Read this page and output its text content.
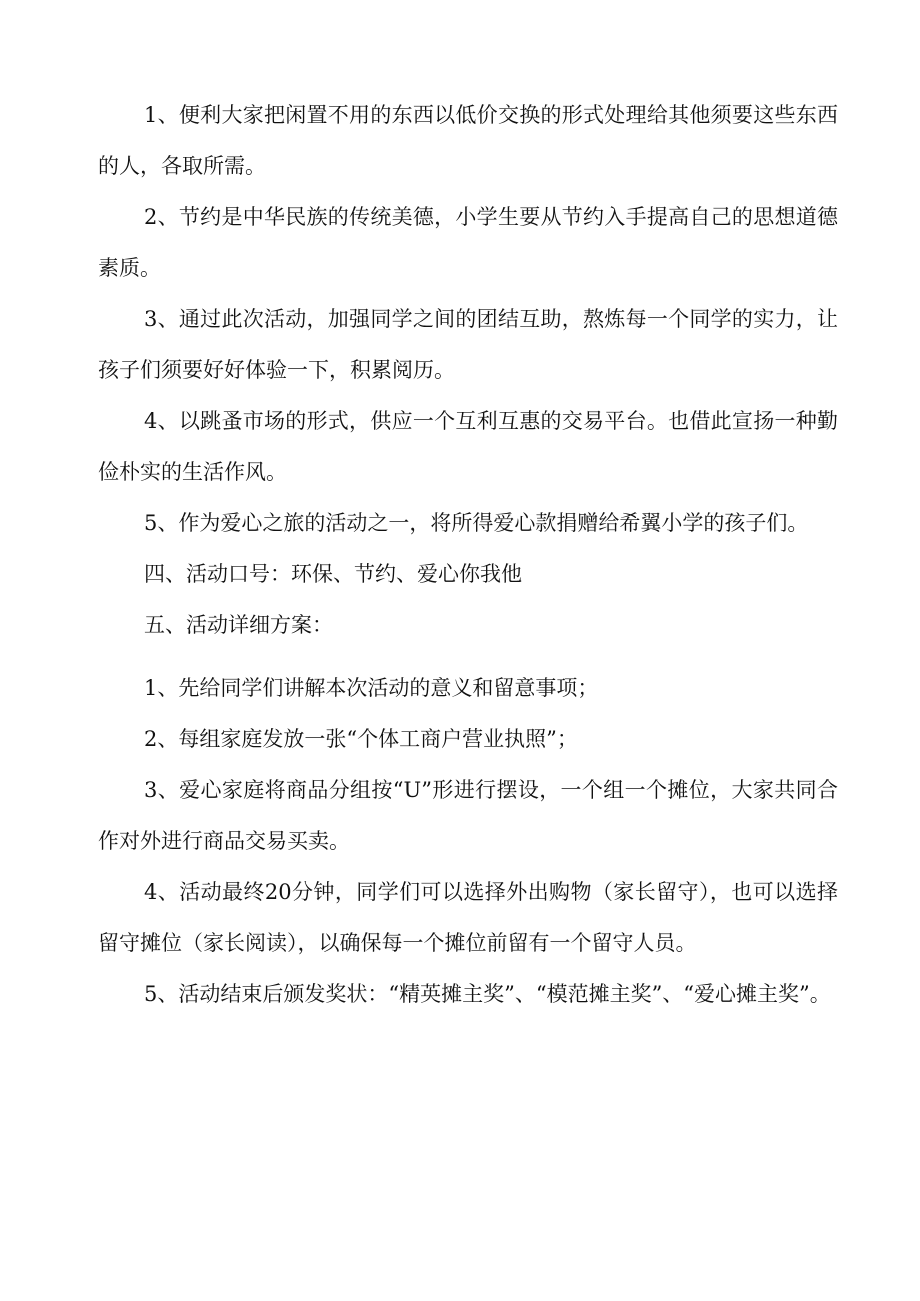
1、便利大家把闲置不用的东西以低价交换的形式处理给其他须要这些东西的人，各取所需。

2、节约是中华民族的传统美德，小学生要从节约入手提高自己的思想道德素质。

3、通过此次活动，加强同学之间的团结互助，熬炼每一个同学的实力，让孩子们须要好好体验一下，积累阅历。

4、以跳蚤市场的形式，供应一个互利互惠的交易平台。也借此宣扬一种勤俭朴实的生活作风。

5、作为爱心之旅的活动之一，将所得爱心款捐赠给希翼小学的孩子们。

四、活动口号：环保、节约、爱心你我他

五、活动详细方案：

1、先给同学们讲解本次活动的意义和留意事项；

2、每组家庭发放一张“个体工商户营业执照”；

3、爱心家庭将商品分组按“U”形进行摆设，一个组一个摊位，大家共同合作对外进行商品交易买卖。

4、活动最终20分钟，同学们可以选择外出购物（家长留守），也可以选择留守摊位（家长阅读），以确保每一个摊位前留有一个留守人员。

5、活动结束后颁发奖状：“精英摊主奖”、“模范摊主奖”、“爱心摊主奖”。
